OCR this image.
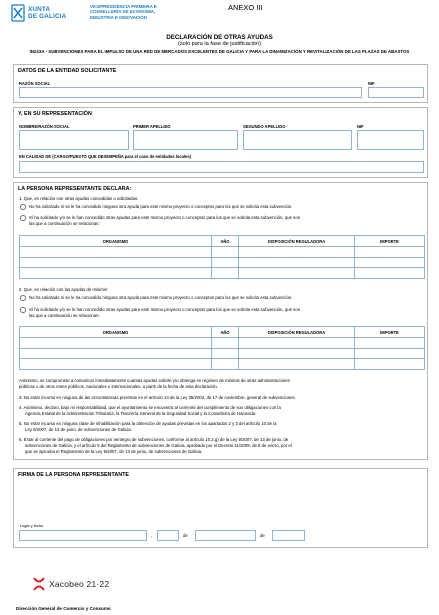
XUNTA
DE GALICIA
VICEPRESIDENCIA PRIMEIRA E
CONSELLERÍA DE ECONOMÍA,
INDUSTRIA E INNOVACIÓN
ANEXO III
DECLARACIÓN DE OTRAS AYUDAS
(solo para la fase de justificación)
IN223A - SUBVENCIONES PARA EL IMPULSO DE UNA RED DE MERCADOS EXCELENTES DE GALICIA Y PARA LA DINAMIZACIÓN Y REVITALIZACIÓN DE LAS PLAZAS DE ABASTOS
DATOS DE LA ENTIDAD SOLICITANTE
RAZÓN SOCIAL	NIF
Y, EN SU REPRESENTACIÓN
NOMBRE/RAZÓN SOCIAL	PRIMER APELLIDO	SEGUNDO APELLIDO	NIF
EN CALIDAD DE (CARGO/PUESTO QUE DESEMPEÑA para el caso de entidades locales)
LA PERSONA REPRESENTANTE DECLARA:
1. Que, en relación con otras ayudas concedidas o solicitadas:
No ha solicitado ni se le ha concedido ninguna otra ayuda para este mismo proyecto o conceptos para los que se solicita esta subvención.
Sí ha solicitado y/o se le han concedido otras ayudas para este mismo proyecto o conceptos para los que se solicita esta subvención, que son
las que a continuación se relacionan:
ORGANISMO	AÑO	DISPOSICIÓN REGULADORA	IMPORTE

2. Que, en relación con las ayudas de minimis:
No ha solicitado ni se le ha concedido ninguna otra ayuda para este mismo proyecto o conceptos para los que se solicita esta subvención.
Sí ha solicitado y/o se le han concedido otras ayudas para este mismo proyecto o conceptos para los que se solicita esta subvención, que son
las que a continuación se relacionan:
ORGANISMO	AÑO	DISPOSICIÓN REGULADORA	IMPORTE

Asimismo, se compromete a comunicar inmediatamente cuantas ayudas solicite y/u obtenga en régimen de minimis de otras administraciones
públicas o de otros entes públicos, nacionales o internacionales, a partir de la fecha de esta declaración.
3. No estar incursa en ninguna de las circunstancias previstas en el artículo 13 de la Ley 38/2003, de 17 de noviembre, general de subvenciones.
4. Asimismo, declaro, bajo mi responsabilidad, que el ayuntamiento se encuentra al corriente del cumplimiento de sus obligaciones con la
Agencia Estatal de la Administración Tributaria, la Tesorería General de la Seguridad Social y la Consellería de Hacienda.
5. No estar incursa en ninguna clase de inhabilitación para la obtención de ayudas previstas en los apartados 2 y 3 del artículo 10 de la
Ley 9/2007, de 13 de junio, de subvenciones de Galicia.
6. Estar al corriente del pago de obligaciones por reintegro de subvenciones, conforme al artículo 10.2.g) de la Ley 9/2007, de 13 de junio, de
subvenciones de Galicia, y el artículo 9 del Reglamento de subvenciones de Galicia, aprobado por el Decreto 11/2009, de 8 de enero, por el
que se aprueba el Reglamento de la Ley 9/2007, de 13 de junio, de subvenciones de Galicia.
FIRMA DE LA PERSONA REPRESENTANTE
Lugar y fecha
,	de	de
Xacobeo 21·22
Dirección General de Comercio y Consumo
